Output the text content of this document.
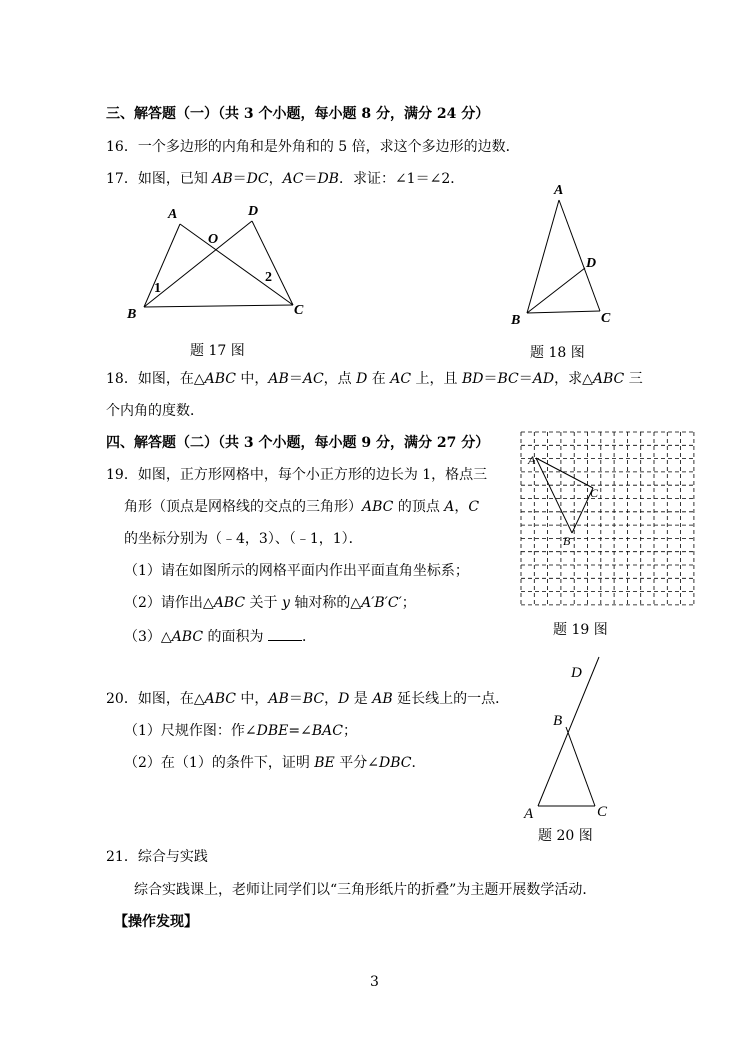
三、解答题（一）（共 3 个小题，每小题 8 分，满分 24 分）
16．一个多边形的内角和是外角和的 5 倍，求这个多边形的边数．
17．如图，已知 AB＝DC，AC＝DB．求证：∠1＝∠2．
A	D
O
1
2
B	C
题 17 图
A
D
B	C
题 18 图
18．如图，在△ABC 中，AB＝AC，点 D 在 AC 上，且 BD＝BC＝AD，求△ABC 三
个内角的度数．
四、解答题（二）（共 3 个小题，每小题 9 分，满分 27 分）
19．如图，正方形网格中，每个小正方形的边长为 1，格点三
角形（顶点是网格线的交点的三角形）ABC 的顶点 A，C
的坐标分别为（﹣4，3）、（﹣1，1）．
（1）请在如图所示的网格平面内作出平面直角坐标系；
（2）请作出△ABC 关于 y 轴对称的△A′B′C′；
（3）△ABC 的面积为 ．
A
C
B
题 19 图
D
B
A	C
题 20 图
20．如图，在△ABC 中，AB＝BC，D 是 AB 延长线上的一点．
（1）尺规作图：作∠DBE=∠BAC；
（2）在（1）的条件下，证明 BE 平分∠DBC．
21．综合与实践
综合实践课上，老师让同学们以“三角形纸片的折叠”为主题开展数学活动．
【操作发现】
3
